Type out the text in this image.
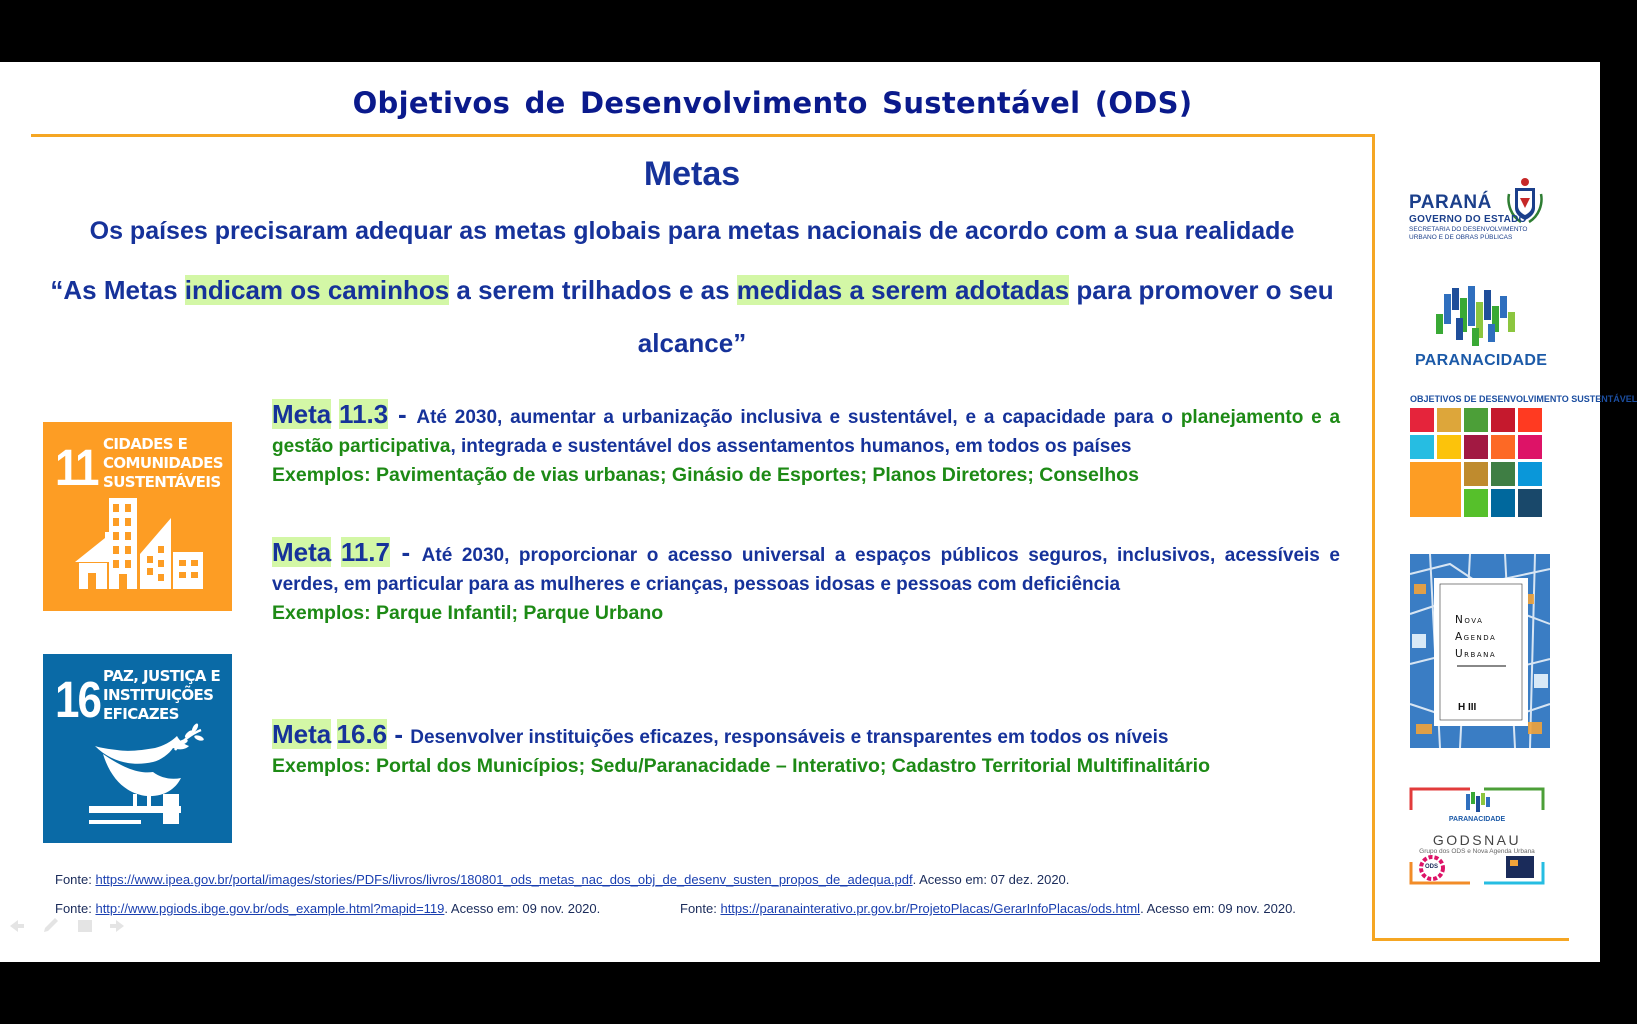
Objetivos de Desenvolvimento Sustentável (ODS)
Metas
Os países precisaram adequar as metas globais para metas nacionais de acordo com a sua realidade
“As Metas indicam os caminhos a serem trilhados e as medidas a serem adotadas para promover o seu alcance”
11 CIDADES E
COMUNIDADES
SUSTENTÁVEIS
16 PAZ, JUSTIÇA E
INSTITUIÇÕES
EFICAZES
Meta 11.3 - Até 2030, aumentar a urbanização inclusiva e sustentável, e a capacidade para o planejamento e a gestão participativa, integrada e sustentável dos assentamentos humanos, em todos os países
Exemplos: Pavimentação de vias urbanas; Ginásio de Esportes; Planos Diretores; Conselhos
Meta 11.7 - Até 2030, proporcionar o acesso universal a espaços públicos seguros, inclusivos, acessíveis e verdes, em particular para as mulheres e crianças, pessoas idosas e pessoas com deficiência
Exemplos: Parque Infantil; Parque Urbano
Meta 16.6 - Desenvolver instituições eficazes, responsáveis e transparentes em todos os níveis
Exemplos: Portal dos Municípios; Sedu/Paranacidade – Interativo; Cadastro Territorial Multifinalitário
PARANÁ
GOVERNO DO ESTADO
SECRETARIA DO DESENVOLVIMENTO
URBANO E DE OBRAS PÚBLICAS
PARANACIDADE
OBJETIVOS DE DESENVOLVIMENTO SUSTENTÁVEL
Nova
Agenda
Urbana
H III
PARANACIDADE
GODSNAU
Grupo dos ODS e Nova Agenda Urbana
ODS
Fonte: https://www.ipea.gov.br/portal/images/stories/PDFs/livros/livros/180801_ods_metas_nac_dos_obj_de_desenv_susten_propos_de_adequa.pdf. Acesso em: 07 dez. 2020.
Fonte: http://www.pgiods.ibge.gov.br/ods_example.html?mapid=119. Acesso em: 09 nov. 2020.	Fonte: https://paranainterativo.pr.gov.br/ProjetoPlacas/GerarInfoPlacas/ods.html. Acesso em: 09 nov. 2020.
